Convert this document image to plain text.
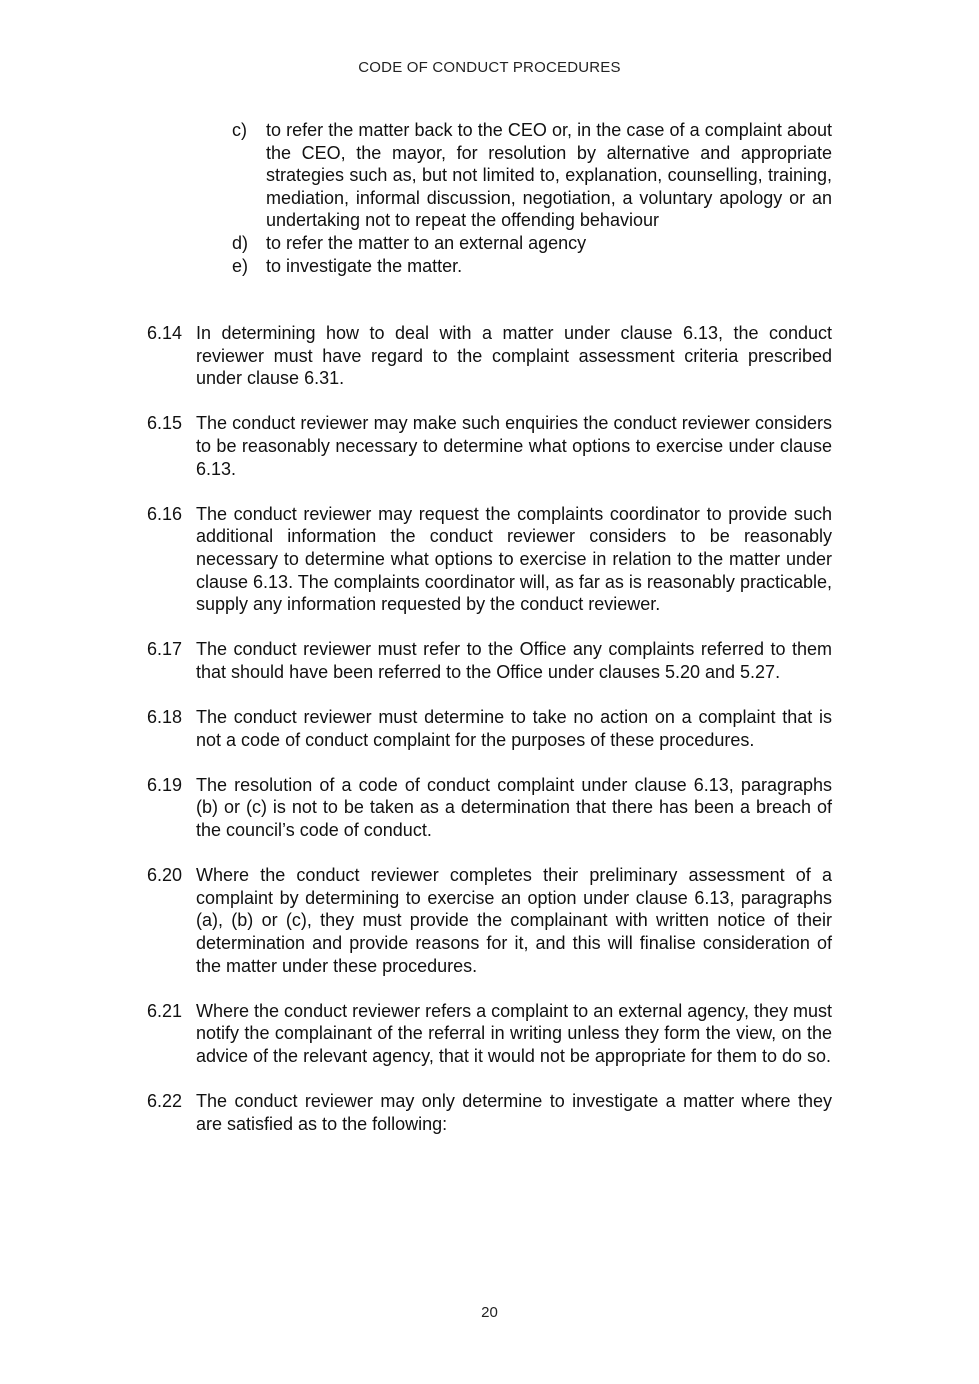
CODE OF CONDUCT PROCEDURES
c)	to refer the matter back to the CEO or, in the case of a complaint about the CEO, the mayor, for resolution by alternative and appropriate strategies such as, but not limited to, explanation, counselling, training, mediation, informal discussion, negotiation, a voluntary apology or an undertaking not to repeat the offending behaviour
d) to refer the matter to an external agency
e) to investigate the matter.
6.14 In determining how to deal with a matter under clause 6.13, the conduct reviewer must have regard to the complaint assessment criteria prescribed under clause 6.31.
6.15 The conduct reviewer may make such enquiries the conduct reviewer considers to be reasonably necessary to determine what options to exercise under clause 6.13.
6.16 The conduct reviewer may request the complaints coordinator to provide such additional information the conduct reviewer considers to be reasonably necessary to determine what options to exercise in relation to the matter under clause 6.13. The complaints coordinator will, as far as is reasonably practicable, supply any information requested by the conduct reviewer.
6.17 The conduct reviewer must refer to the Office any complaints referred to them that should have been referred to the Office under clauses 5.20 and 5.27.
6.18 The conduct reviewer must determine to take no action on a complaint that is not a code of conduct complaint for the purposes of these procedures.
6.19 The resolution of a code of conduct complaint under clause 6.13, paragraphs (b) or (c) is not to be taken as a determination that there has been a breach of the council’s code of conduct.
6.20 Where the conduct reviewer completes their preliminary assessment of a complaint by determining to exercise an option under clause 6.13, paragraphs (a), (b) or (c), they must provide the complainant with written notice of their determination and provide reasons for it, and this will finalise consideration of the matter under these procedures.
6.21 Where the conduct reviewer refers a complaint to an external agency, they must notify the complainant of the referral in writing unless they form the view, on the advice of the relevant agency, that it would not be appropriate for them to do so.
6.22 The conduct reviewer may only determine to investigate a matter where they are satisfied as to the following:
20
